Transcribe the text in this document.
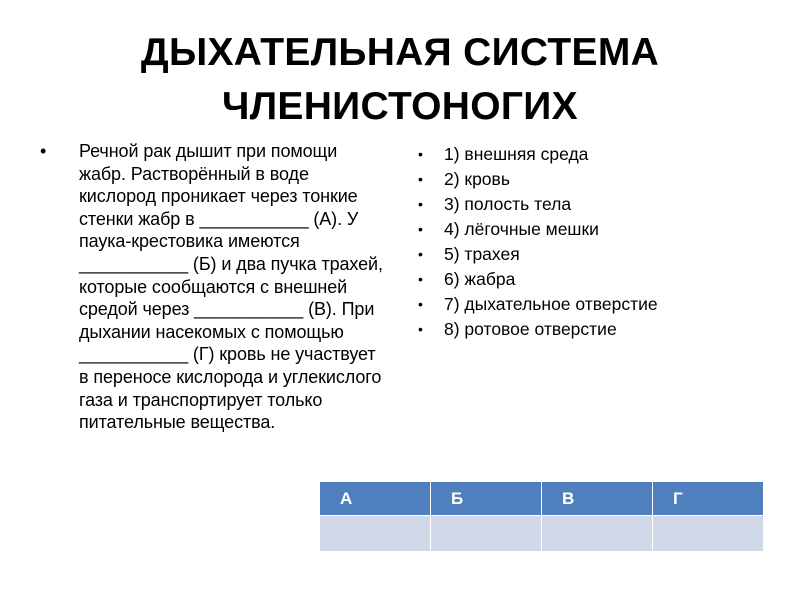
ДЫХАТЕЛЬНАЯ СИСТЕМА
ЧЛЕНИСТОНОГИХ
• Речной рак дышит при помощи жабр. Растворённый в воде кислород проникает через тонкие стенки жабр в ___________ (А). У паука-крестовика имеются ___________ (Б) и два пучка трахей, которые сообщаются с внешней средой через ___________ (В). При дыхании насекомых с помощью ___________ (Г) кровь не участвует в переносе кислорода и углекислого газа и транспортирует только питательные вещества.
• 1) внешняя среда
• 2) кровь
• 3) полость тела
• 4) лёгочные мешки
• 5) трахея
• 6) жабра
• 7) дыхательное отверстие
• 8) ротовое отверстие
А	Б	В	Г
